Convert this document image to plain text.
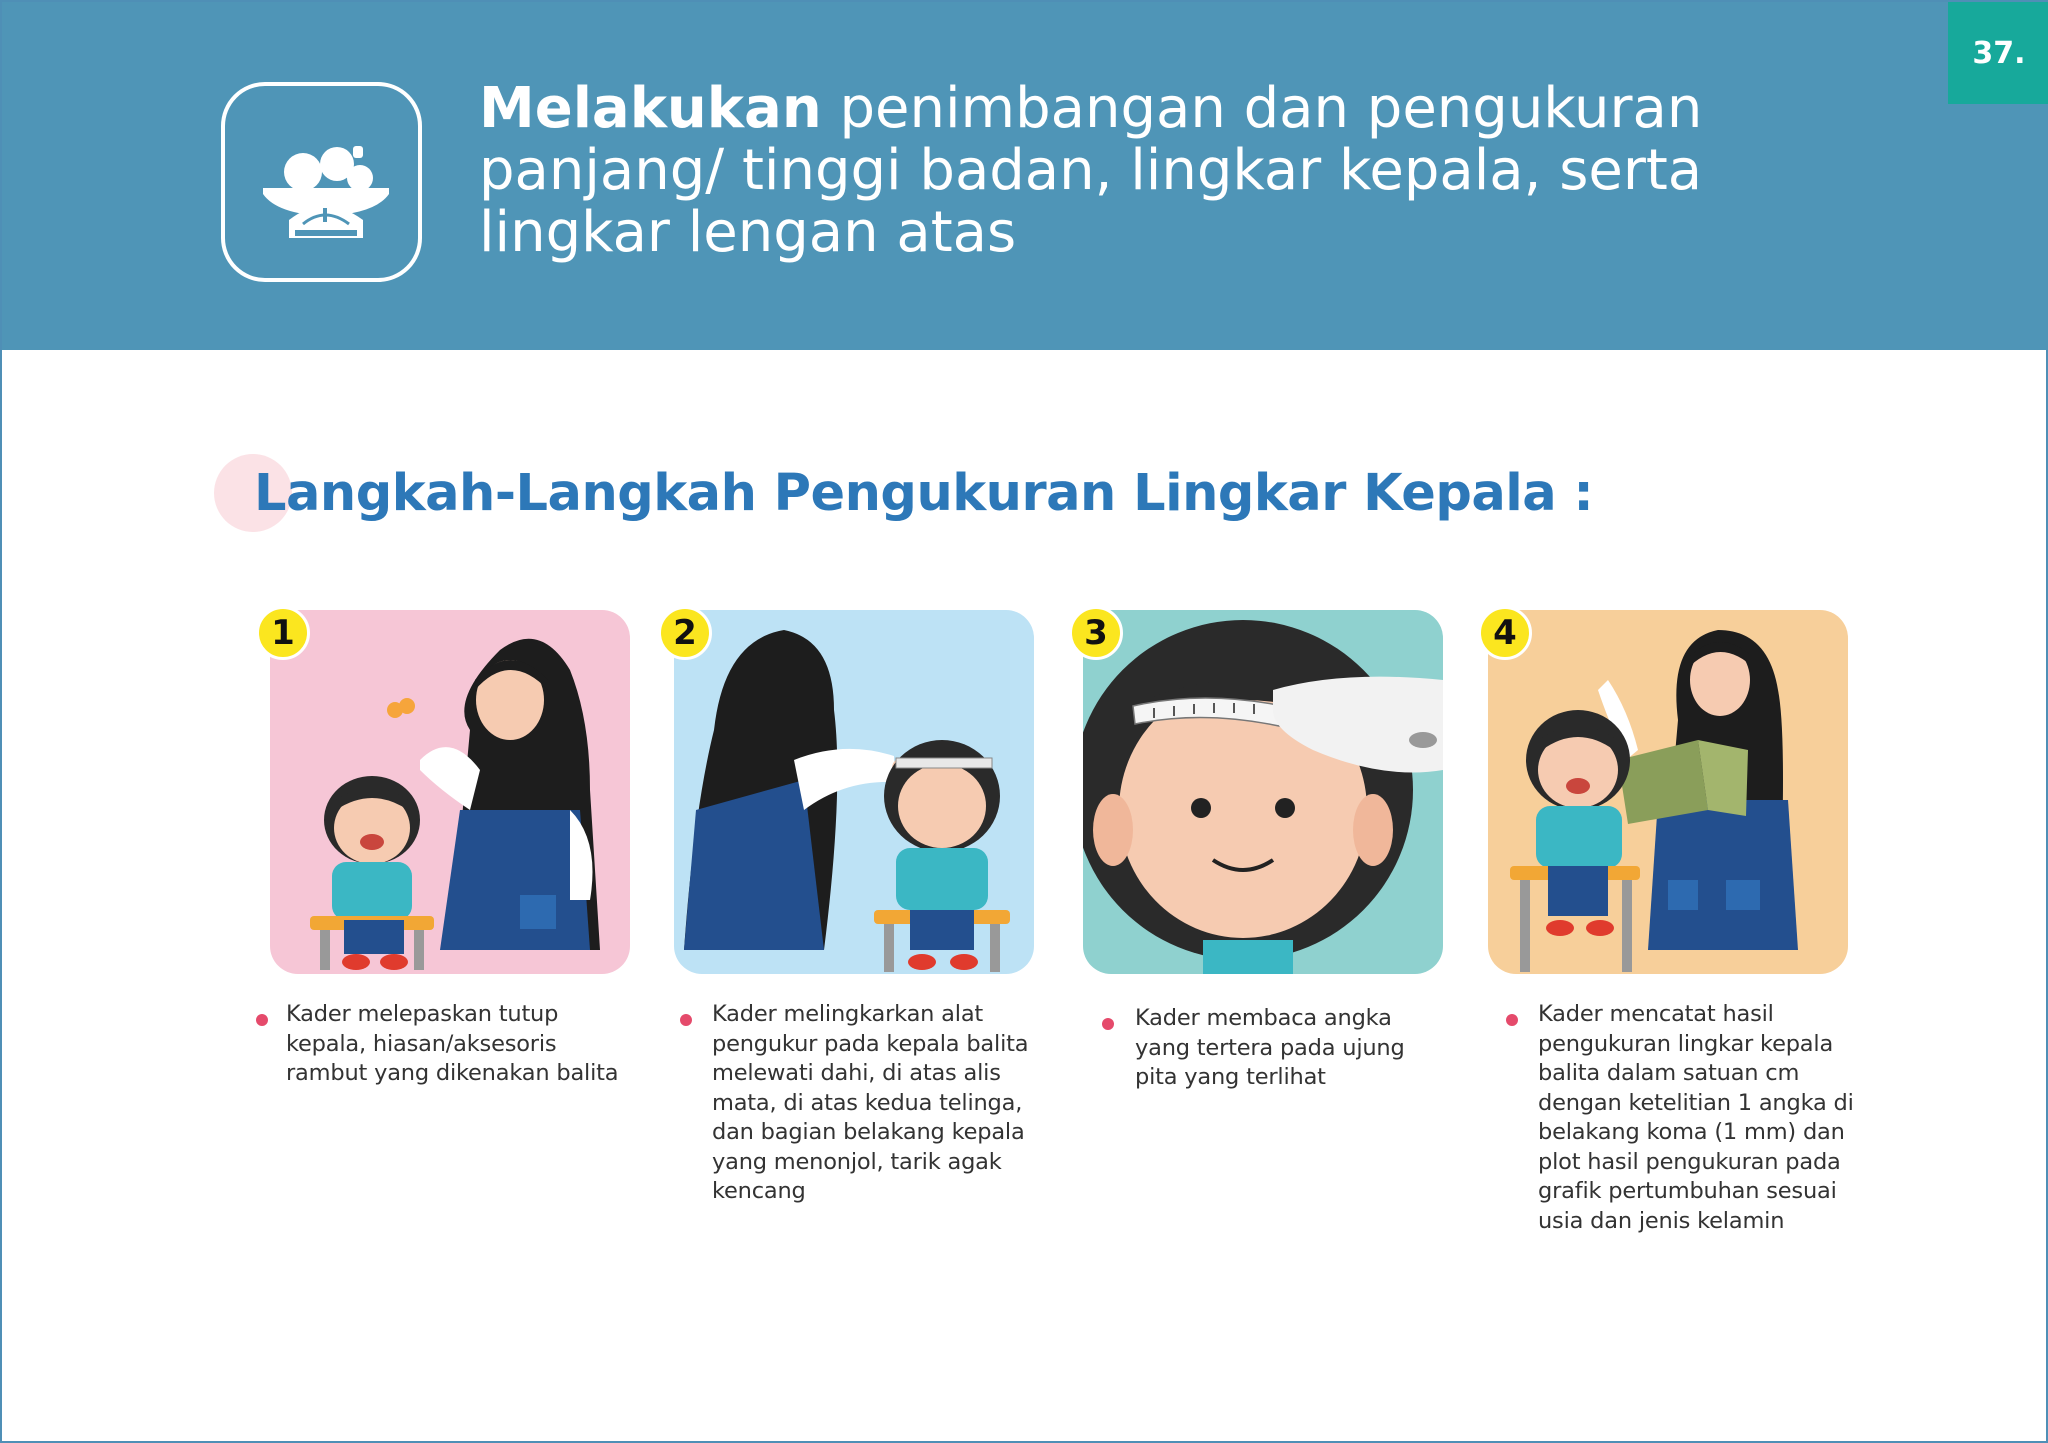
Melakukan penimbangan dan pengukuran panjang/ tinggi badan, lingkar kepala, serta lingkar lengan atas
37.
Langkah-Langkah Pengukuran Lingkar Kepala :
1
Kader melepaskan tutup kepala, hiasan/aksesoris rambut yang dikenakan balita
2
Kader melingkarkan alat pengukur pada kepala balita melewati dahi, di atas alis mata, di atas kedua telinga, dan bagian belakang kepala yang menonjol, tarik agak kencang
3
Kader membaca angka yang tertera pada ujung pita yang terlihat
4
Kader mencatat hasil pengukuran lingkar kepala balita dalam satuan cm dengan ketelitian 1 angka di belakang koma (1 mm) dan plot hasil pengukuran pada grafik pertumbuhan sesuai usia dan jenis kelamin
